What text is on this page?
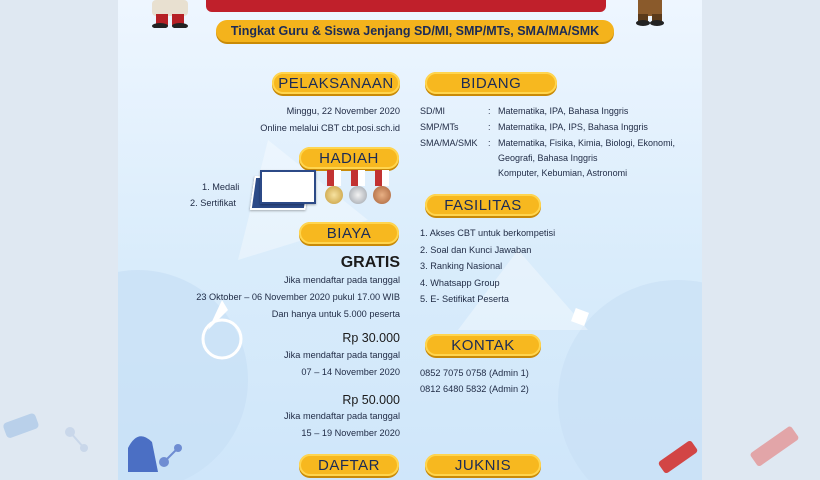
Tingkat Guru & Siswa Jenjang SD/MI, SMP/MTs, SMA/MA/SMK
PELAKSANAAN
Minggu, 22 November 2020
Online melalui CBT cbt.posi.sch.id
HADIAH
1. Medali
2. Sertifikat
BIAYA
GRATIS
Jika mendaftar pada tanggal
23 Oktober – 06 November 2020 pukul 17.00 WIB
Dan hanya untuk 5.000 peserta
Rp 30.000
Jika mendaftar pada tanggal
07 – 14 November 2020
Rp 50.000
Jika mendaftar pada tanggal
15 – 19 November 2020
DAFTAR
BIDANG
SD/MI	: Matematika, IPA, Bahasa Inggris
SMP/MTs	: Matematika, IPA, IPS, Bahasa Inggris
SMA/MA/SMK : Matematika, Fisika, Kimia, Biologi, Ekonomi,
Geografi, Bahasa Inggris
Komputer, Kebumian, Astronomi
FASILITAS
1. Akses CBT untuk berkompetisi
2. Soal dan Kunci Jawaban
3. Ranking Nasional
4. Whatsapp Group
5. E- Setifikat Peserta
KONTAK
0852 7075 0758 (Admin 1)
0812 6480 5832 (Admin 2)
JUKNIS
